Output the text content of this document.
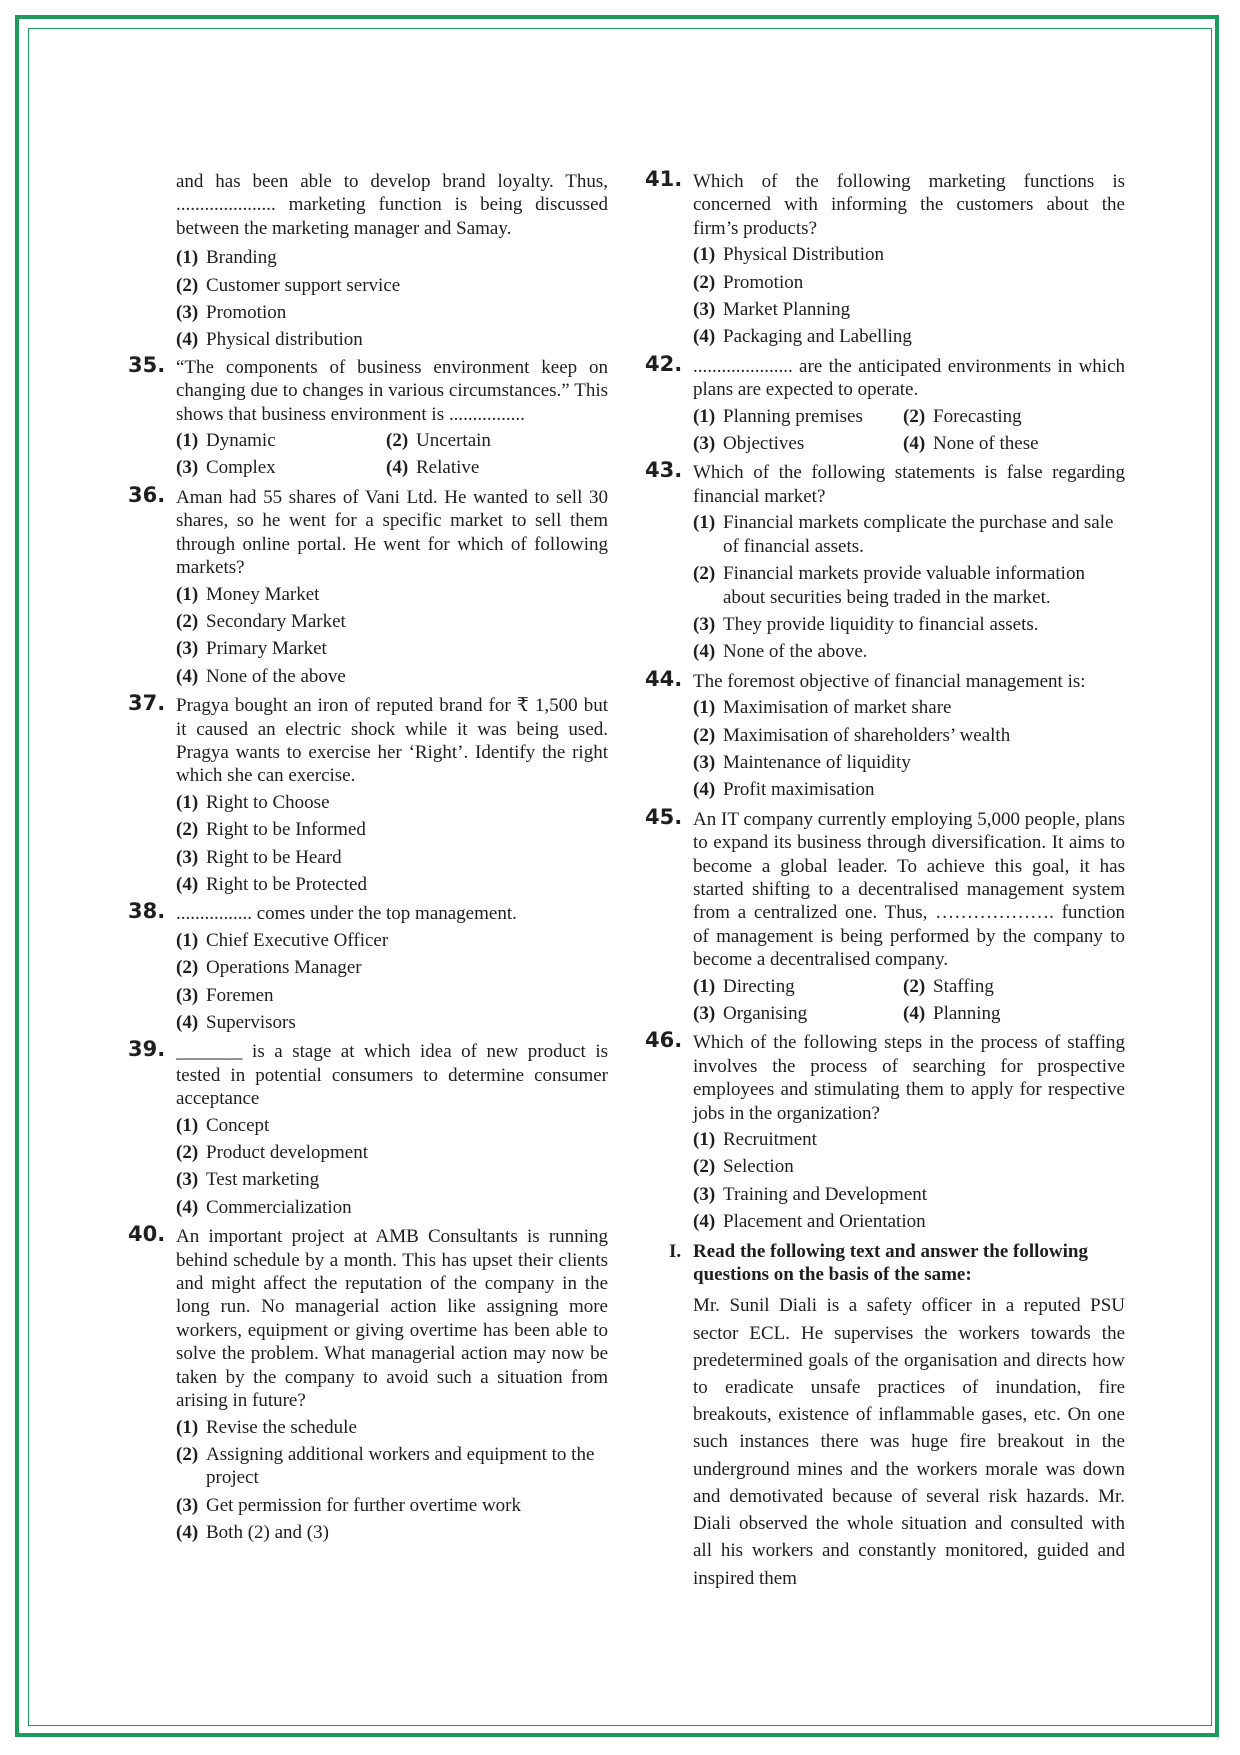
and has been able to develop brand loyalty. Thus, ..................... marketing function is being discussed between the marketing manager and Samay.
(1) Branding
(2) Customer support service
(3) Promotion
(4) Physical distribution
35. “The components of business environment keep on changing due to changes in various circumstances.” This shows that business environment is ................
(1) Dynamic	(2) Uncertain
(3) Complex	(4) Relative
36. Aman had 55 shares of Vani Ltd. He wanted to sell 30 shares, so he went for a specific market to sell them through online portal. He went for which of following markets?
(1) Money Market
(2) Secondary Market
(3) Primary Market
(4) None of the above
37. Pragya bought an iron of reputed brand for ₹ 1,500 but it caused an electric shock while it was being used. Pragya wants to exercise her ‘Right’. Identify the right which she can exercise.
(1) Right to Choose
(2) Right to be Informed
(3) Right to be Heard
(4) Right to be Protected
38. ................ comes under the top management.
(1) Chief Executive Officer
(2) Operations Manager
(3) Foremen
(4) Supervisors
39. _______ is a stage at which idea of new product is tested in potential consumers to determine consumer acceptance
(1) Concept
(2) Product development
(3) Test marketing
(4) Commercialization
40. An important project at AMB Consultants is running behind schedule by a month. This has upset their clients and might affect the reputation of the company in the long run. No managerial action like assigning more workers, equipment or giving overtime has been able to solve the problem. What managerial action may now be taken by the company to avoid such a situation from arising in future?
(1) Revise the schedule
(2) Assigning additional workers and equipment to the project
(3) Get permission for further overtime work
(4) Both (2) and (3)
41. Which of the following marketing functions is concerned with informing the customers about the firm’s products?
(1) Physical Distribution
(2) Promotion
(3) Market Planning
(4) Packaging and Labelling
42. ..................... are the anticipated environments in which plans are expected to operate.
(1) Planning premises	(2) Forecasting
(3) Objectives	(4) None of these
43. Which of the following statements is false regarding financial market?
(1) Financial markets complicate the purchase and sale of financial assets.
(2) Financial markets provide valuable information about securities being traded in the market.
(3) They provide liquidity to financial assets.
(4) None of the above.
44. The foremost objective of financial management is:
(1) Maximisation of market share
(2) Maximisation of shareholders’ wealth
(3) Maintenance of liquidity
(4) Profit maximisation
45. An IT company currently employing 5,000 people, plans to expand its business through diversification. It aims to become a global leader. To achieve this goal, it has started shifting to a decentralised management system from a centralized one. Thus, ………………. function of management is being performed by the company to become a decentralised company.
(1) Directing	(2) Staffing
(3) Organising	(4) Planning
46. Which of the following steps in the process of staffing involves the process of searching for prospective employees and stimulating them to apply for respective jobs in the organization?
(1) Recruitment
(2) Selection
(3) Training and Development
(4) Placement and Orientation
I. Read the following text and answer the following questions on the basis of the same:
Mr. Sunil Diali is a safety officer in a reputed PSU sector ECL. He supervises the workers towards the predetermined goals of the organisation and directs how to eradicate unsafe practices of inundation, fire breakouts, existence of inflammable gases, etc. On one such instances there was huge fire breakout in the underground mines and the workers morale was down and demotivated because of several risk hazards. Mr. Diali observed the whole situation and consulted with all his workers and constantly monitored, guided and inspired them
